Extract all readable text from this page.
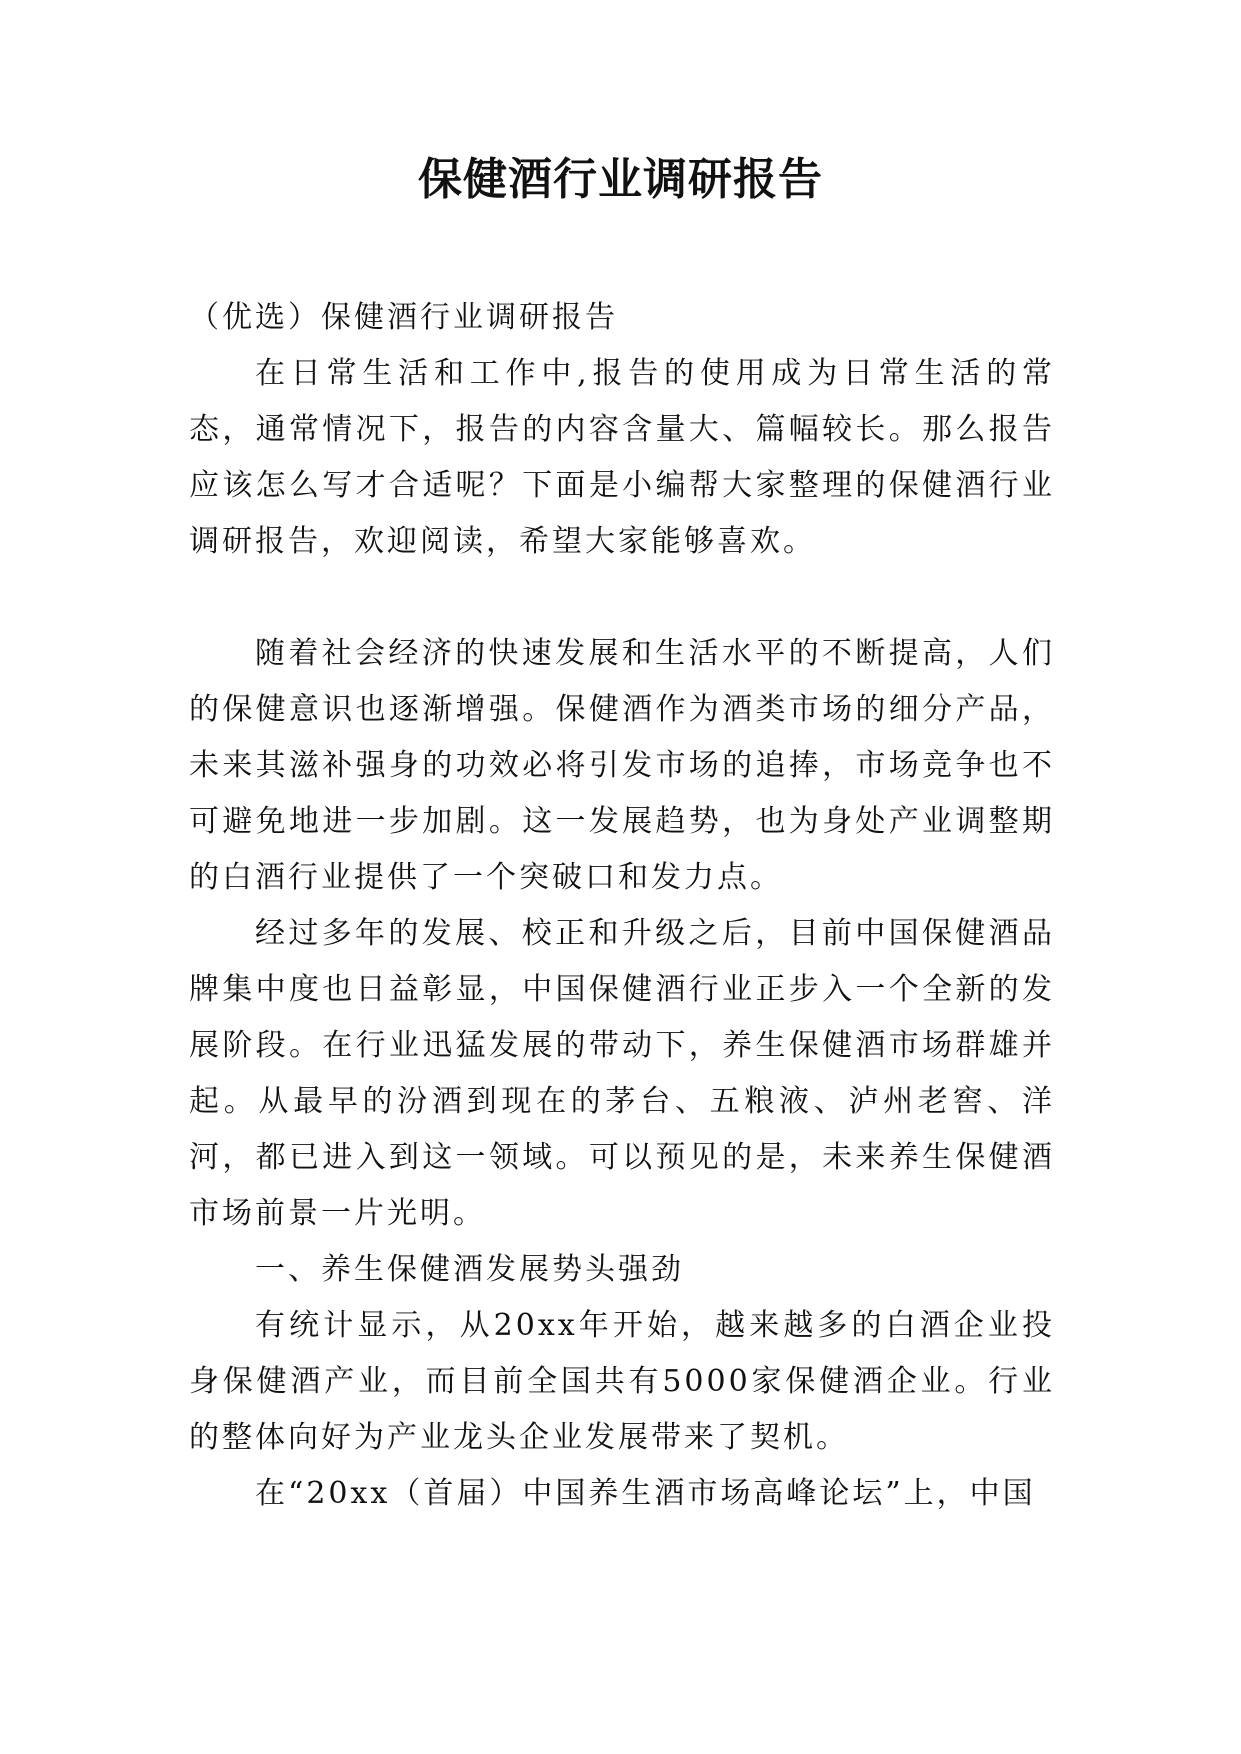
保健酒行业调研报告

（优选）保健酒行业调研报告

在日常生活和工作中,报告的使用成为日常生活的常态，通常情况下，报告的内容含量大、篇幅较长。那么报告应该怎么写才合适呢？下面是小编帮大家整理的保健酒行业调研报告，欢迎阅读，希望大家能够喜欢。

随着社会经济的快速发展和生活水平的不断提高，人们的保健意识也逐渐增强。保健酒作为酒类市场的细分产品，未来其滋补强身的功效必将引发市场的追捧，市场竞争也不可避免地进一步加剧。这一发展趋势，也为身处产业调整期的白酒行业提供了一个突破口和发力点。

经过多年的发展、校正和升级之后，目前中国保健酒品牌集中度也日益彰显，中国保健酒行业正步入一个全新的发展阶段。在行业迅猛发展的带动下，养生保健酒市场群雄并起。从最早的汾酒到现在的茅台、五粮液、泸州老窖、洋河，都已进入到这一领域。可以预见的是，未来养生保健酒市场前景一片光明。

一、养生保健酒发展势头强劲

有统计显示，从20xx年开始，越来越多的白酒企业投身保健酒产业，而目前全国共有5000家保健酒企业。行业的整体向好为产业龙头企业发展带来了契机。

在“20xx（首届）中国养生酒市场高峰论坛”上，中国
